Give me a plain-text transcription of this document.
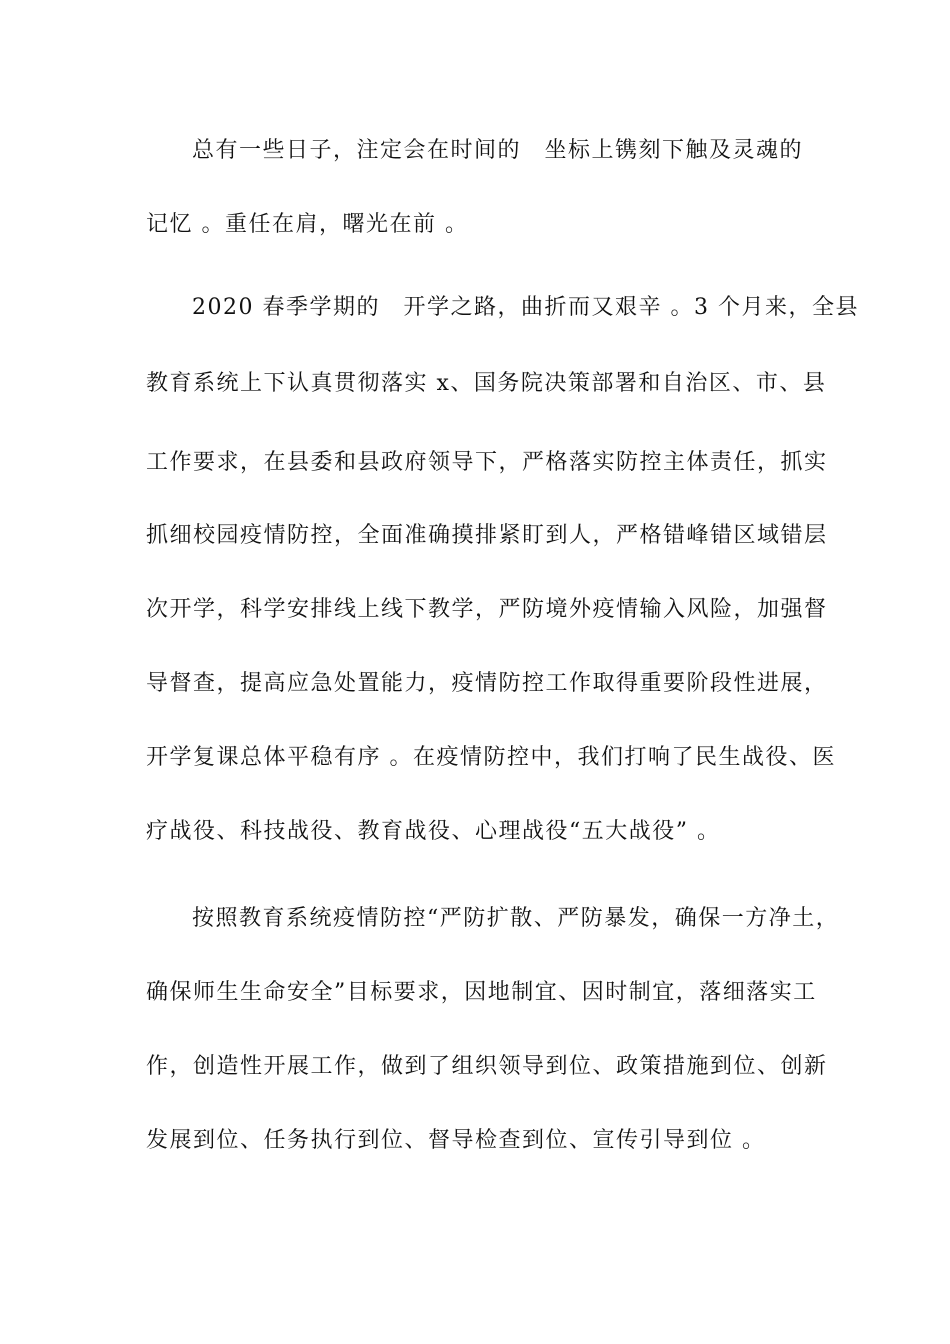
总有一些日子，注定会在时间的　坐标上镌刻下触及灵魂的
记忆 。重任在肩，曙光在前 。
2020 春季学期的　开学之路，曲折而又艰辛 。3 个月来，全县
教育系统上下认真贯彻落实 x、国务院决策部署和自治区、市、县
工作要求，在县委和县政府领导下，严格落实防控主体责任，抓实
抓细校园疫情防控，全面准确摸排紧盯到人，严格错峰错区域错层
次开学，科学安排线上线下教学，严防境外疫情输入风险，加强督
导督查，提高应急处置能力，疫情防控工作取得重要阶段性进展，
开学复课总体平稳有序 。在疫情防控中，我们打响了民生战役、医
疗战役、科技战役、教育战役、心理战役“五大战役” 。
按照教育系统疫情防控“严防扩散、严防暴发，确保一方净土，
确保师生生命安全”目标要求，因地制宜、因时制宜，落细落实工
作，创造性开展工作，做到了组织领导到位、政策措施到位、创新
发展到位、任务执行到位、督导检查到位、宣传引导到位 。
